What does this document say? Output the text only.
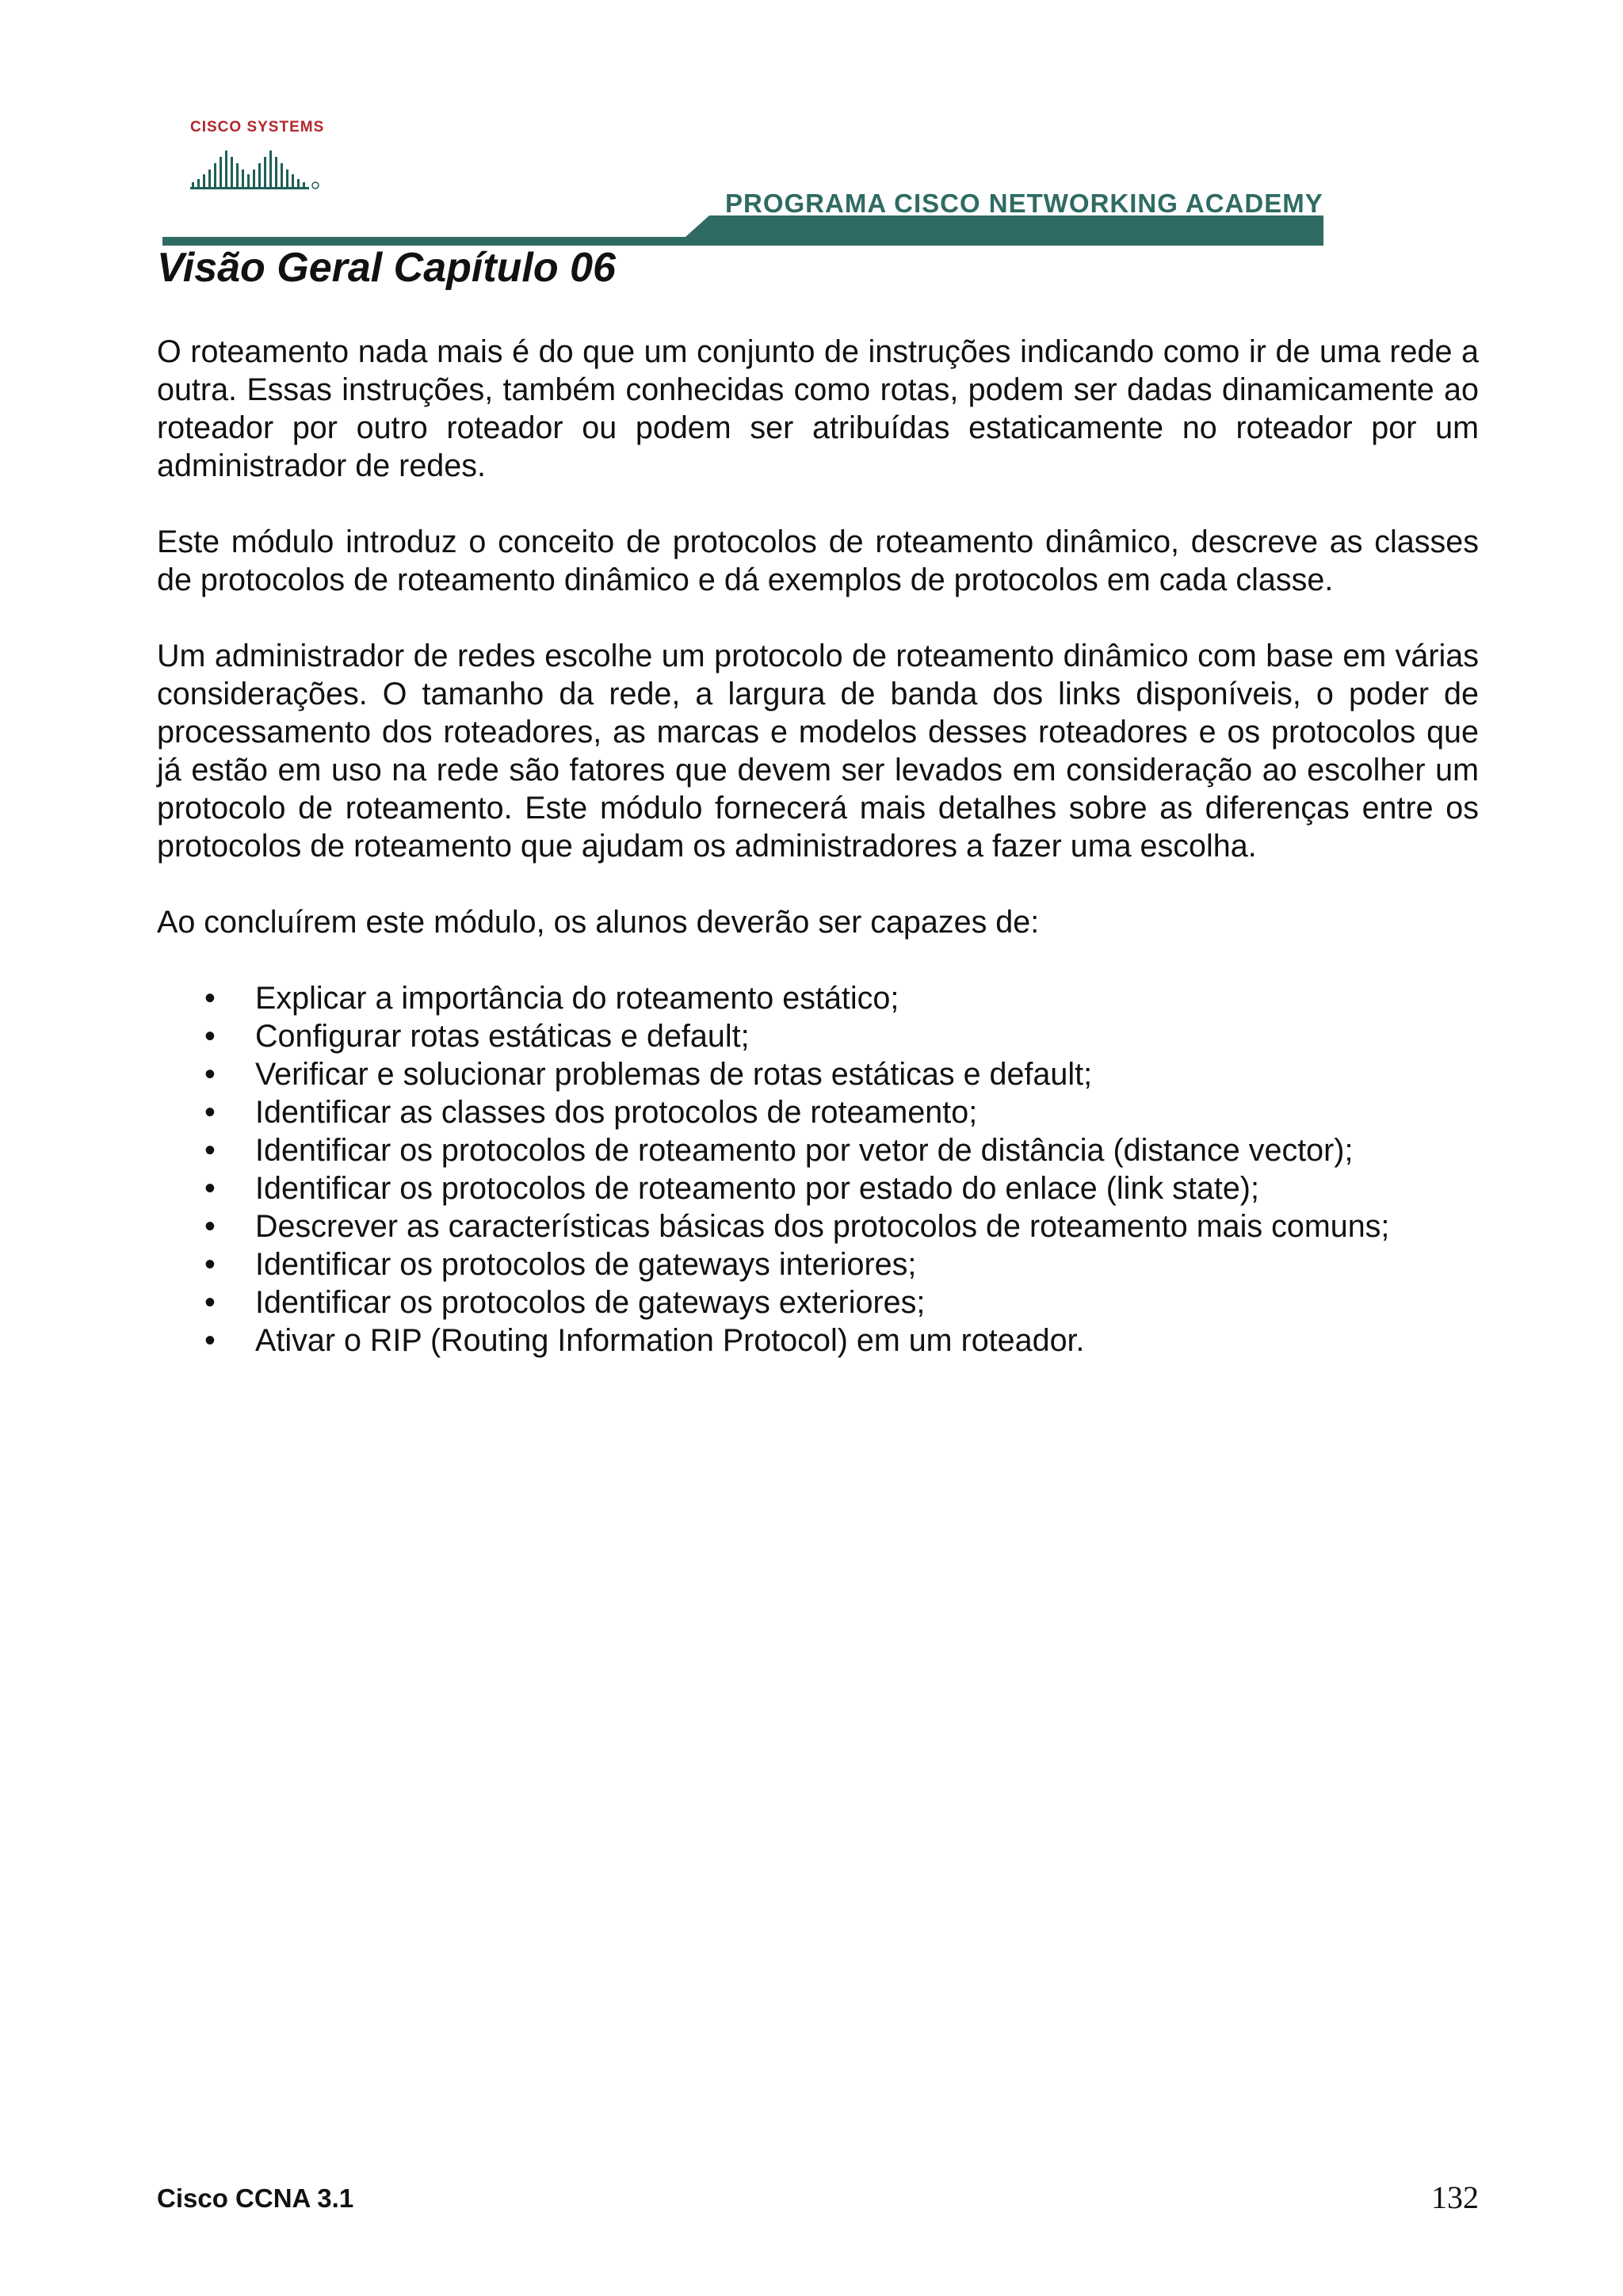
CISCO SYSTEMS
PROGRAMA CISCO NETWORKING ACADEMY
Visão Geral Capítulo 06

O roteamento nada mais é do que um conjunto de instruções indicando como ir de uma rede a outra. Essas instruções, também conhecidas como rotas, podem ser dadas dinamicamente ao roteador por outro roteador ou podem ser atribuídas estaticamente no roteador por um administrador de redes.

Este módulo introduz o conceito de protocolos de roteamento dinâmico, descreve as classes de protocolos de roteamento dinâmico e dá exemplos de protocolos em cada classe.

Um administrador de redes escolhe um protocolo de roteamento dinâmico com base em várias considerações. O tamanho da rede, a largura de banda dos links disponíveis, o poder de processamento dos roteadores, as marcas e modelos desses roteadores e os protocolos que já estão em uso na rede são fatores que devem ser levados em consideração ao escolher um protocolo de roteamento. Este módulo fornecerá mais detalhes sobre as diferenças entre os protocolos de roteamento que ajudam os administradores a fazer uma escolha.

Ao concluírem este módulo, os alunos deverão ser capazes de:

• Explicar a importância do roteamento estático;
• Configurar rotas estáticas e default;
• Verificar e solucionar problemas de rotas estáticas e default;
• Identificar as classes dos protocolos de roteamento;
• Identificar os protocolos de roteamento por vetor de distância (distance vector);
• Identificar os protocolos de roteamento por estado do enlace (link state);
• Descrever as características básicas dos protocolos de roteamento mais comuns;
• Identificar os protocolos de gateways interiores;
• Identificar os protocolos de gateways exteriores;
• Ativar o RIP (Routing Information Protocol) em um roteador.
Cisco CCNA 3.1	132
